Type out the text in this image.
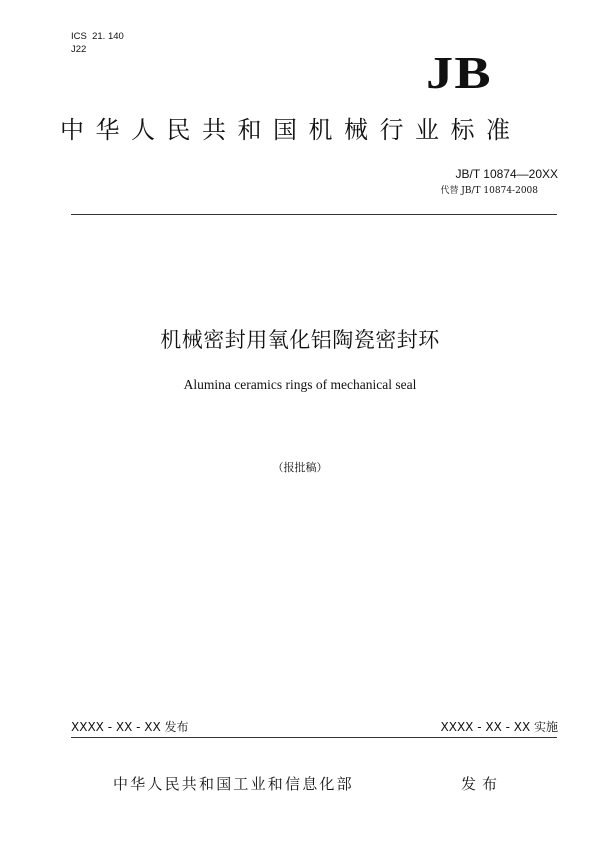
ICS  21. 140
J22	JB
中华人民共和国机械行业标准
JB/T 10874—20XX
代替 JB/T 10874-2008
机械密封用氧化铝陶瓷密封环
Alumina ceramics rings of mechanical seal
（报批稿）
XXXX - XX - XX 发布	XXXX - XX - XX 实施
中华人民共和国工业和信息化部	发布
